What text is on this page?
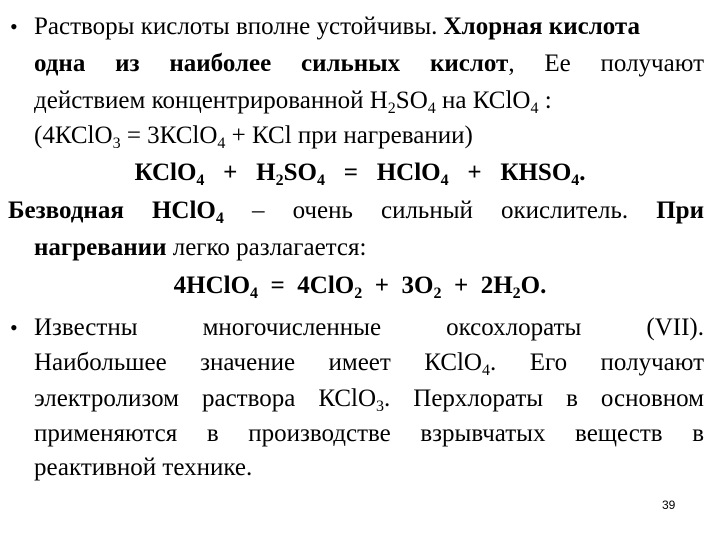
• Растворы кислоты вполне устойчивы. Хлорная кислота
одна из наиболее сильных кислот, Ее получают
действием концентрированной $H_2SO_4$ на КСlO$_4$ :
(4КСlO$_3$ = 3КСlO$_4$ + КСl при нагревании)
КСlO$_4$   +   $H_2SO_4$   =   НСlO$_4$   +   $КНSO_4$.
Безводная НСlO$_4$ – очень сильный окислитель. При
нагревании легко разлагается:
4НСlO$_4$  =  $4СlO_2 + 3O_2 + 2Н_2О$.
• Известны многочисленные оксохлораты (VII).
Наибольшее значение имеет КСlO$_4$. Его получают
электролизом раствора КСlO$_3$. Перхлораты в основном
применяются в производстве взрывчатых веществ в
реактивной технике.
39
